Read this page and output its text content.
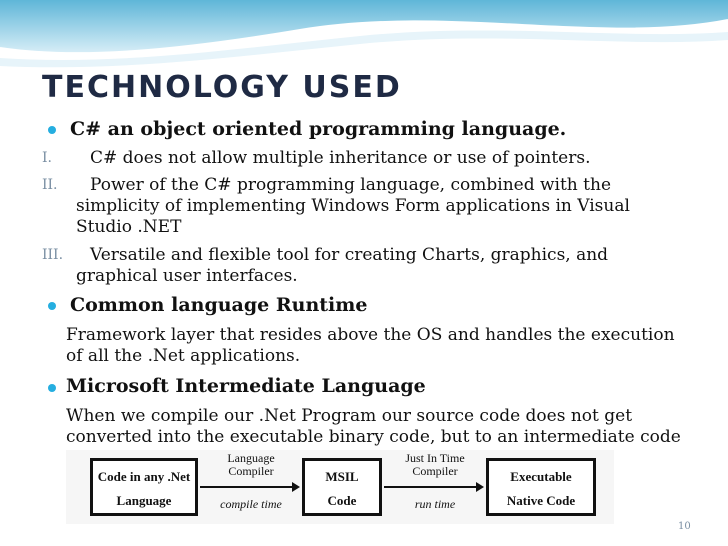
TECHNOLOGY USED
C# an object oriented programming language.
I. C# does not allow multiple inheritance or use of pointers.
II. Power of the C# programming language, combined with the
simplicity of implementing Windows Form applications in Visual
Studio .NET
III. Versatile and flexible tool for creating Charts, graphics, and
graphical user interfaces.
Common language Runtime
Framework layer that resides above the OS and handles the execution
of all the .Net applications.
Microsoft Intermediate Language
When we compile our .Net Program our source code does not get
converted into the executable binary code, but to an intermediate code
Code in any .Net
Language
Language
Compiler
compile time
MSIL
Code
Just In Time
Compiler
run time
Executable
Native Code
10
